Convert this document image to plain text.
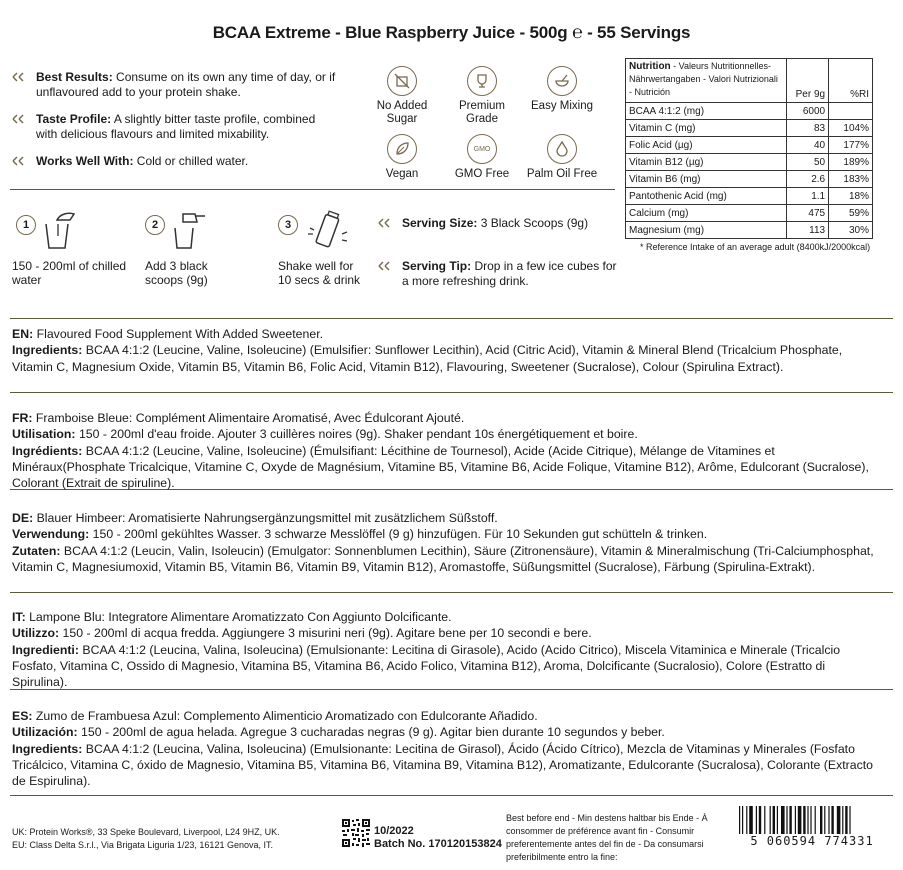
BCAA Extreme - Blue Raspberry Juice - 500g ℮ - 55 Servings
Best Results: Consume on its own any time of day, or if unflavoured add to your protein shake.
Taste Profile: A slightly bitter taste profile, combined with delicious flavours and limited mixability.
Works Well With: Cold or chilled water.
No Added Sugar
Premium Grade
Easy Mixing
Vegan
GMO
GMO Free	Palm Oil Free
Nutrition - Valeurs Nutritionnelles-Nährwertangaben - Valori Nutrizionali - Nutrición	Per 9g	%RI
BCAA 4:1:2 (mg)	6000	
Vitamin C (mg)	83	104%
Folic Acid (µg)	40	177%
Vitamin B12 (µg)	50	189%
Vitamin B6 (mg)	2.6	183%
Pantothenic Acid (mg)	1.1	18%
Calcium (mg)	475	59%
Magnesium (mg)	113	30%
* Reference Intake of an average adult (8400kJ/2000kcal)
1
150 - 200ml of chilled water
2
Add 3 black scoops (9g)
3
Shake well for 10 secs & drink
Serving Size: 3 Black Scoops (9g)
Serving Tip: Drop in a few ice cubes for a more refreshing drink.
EN: Flavoured Food Supplement With Added Sweetener.
Ingredients: BCAA 4:1:2 (Leucine, Valine, Isoleucine) (Emulsifier: Sunflower Lecithin), Acid (Citric Acid), Vitamin & Mineral Blend (Tricalcium Phosphate, Vitamin C, Magnesium Oxide, Vitamin B5, Vitamin B6, Folic Acid, Vitamin B12), Flavouring, Sweetener (Sucralose), Colour (Spirulina Extract).
FR: Framboise Bleue: Complément Alimentaire Aromatisé, Avec Édulcorant Ajouté.
Utilisation: 150 - 200ml d'eau froide. Ajouter 3 cuillères noires (9g). Shaker pendant 10s énergétiquement et boire.
Ingrédients: BCAA 4:1:2 (Leucine, Valine, Isoleucine) (Émulsifiant: Lécithine de Tournesol), Acide (Acide Citrique), Mélange de Vitamines et Minéraux(Phosphate Tricalcique, Vitamine C, Oxyde de Magnésium, Vitamine B5, Vitamine B6, Acide Folique, Vitamine B12), Arôme, Edulcorant (Sucralose), Colorant (Extrait de spiruline).
DE: Blauer Himbeer: Aromatisierte Nahrungsergänzungsmittel mit zusätzlichem Süßstoff.
Verwendung: 150 - 200ml gekühltes Wasser. 3 schwarze Messlöffel (9 g) hinzufügen. Für 10 Sekunden gut schütteln & trinken.
Zutaten: BCAA 4:1:2 (Leucin, Valin, Isoleucin) (Emulgator: Sonnenblumen Lecithin), Säure (Zitronensäure), Vitamin & Mineralmischung (Tri-Calciumphosphat, Vitamin C, Magnesiumoxid, Vitamin B5, Vitamin B6, Vitamin B9, Vitamin B12), Aromastoffe, Süßungsmittel (Sucralose), Färbung (Spirulina-Extrakt).
IT: Lampone Blu: Integratore Alimentare Aromatizzato Con Aggiunto Dolcificante.
Utilizzo: 150 - 200ml di acqua fredda. Aggiungere 3 misurini neri (9g). Agitare bene per 10 secondi e bere.
Ingredienti: BCAA 4:1:2 (Leucina, Valina, Isoleucina) (Emulsionante: Lecitina di Girasole), Acido (Acido Citrico), Miscela Vitaminica e Minerale (Tricalcio Fosfato, Vitamina C, Ossido di Magnesio, Vitamina B5, Vitamina B6, Acido Folico, Vitamina B12), Aroma, Dolcificante (Sucralosio), Colore (Estratto di Spirulina).
ES: Zumo de Frambuesa Azul: Complemento Alimenticio Aromatizado con Edulcorante Añadido.
Utilización: 150 - 200ml de agua helada. Agregue 3 cucharadas negras (9 g). Agitar bien durante 10 segundos y beber.
Ingredients: BCAA 4:1:2 (Leucina, Valina, Isoleucina) (Emulsionante: Lecitina de Girasol), Ácido (Ácido Cítrico), Mezcla de Vitaminas y Minerales (Fosfato Tricálcico, Vitamina C, óxido de Magnesio, Vitamina B5, Vitamina B6, Vitamina B9, Vitamina B12), Aromatizante, Edulcorante (Sucralosa), Colorante (Extracto de Espirulina).
UK: Protein Works®, 33 Speke Boulevard, Liverpool, L24 9HZ, UK.
EU: Class Delta S.r.l., Via Brigata Liguria 1/23, 16121 Genova, IT.
10/2022
Batch No. 170120153824
Best before end - Min destens haltbar bis Ende - À consommer de préférence avant fin - Consumir preferentemente antes del fin de - Da consumarsi preferibilmente entro la fine:
5 060594 774331
